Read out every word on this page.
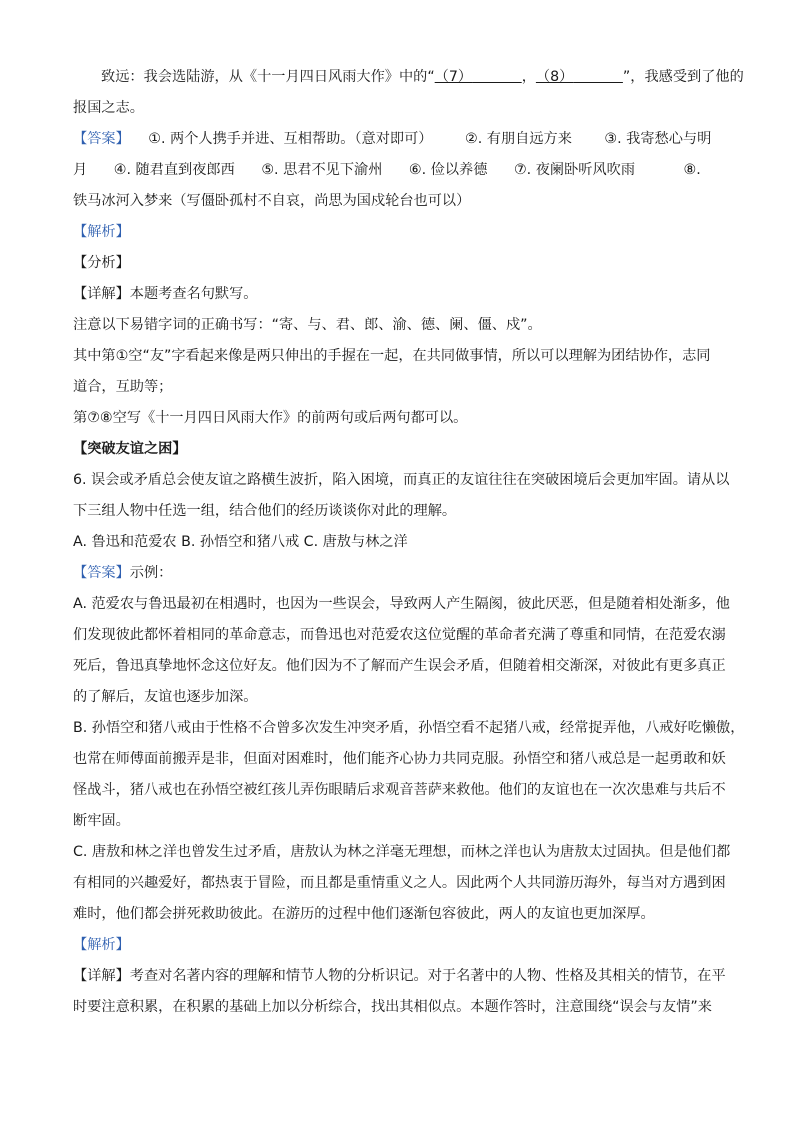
致远：我会选陆游，从《十一月四日风雨大作》中的“（7）	，（8）	”，我感受到了他的
报国之志。
【答案】 ①. 两个人携手并进、互相帮助。（意对即可） ②. 有朋自远方来 ③. 我寄愁心与明
月 ④. 随君直到夜郎西 ⑤. 思君不见下渝州 ⑥. 俭以养德 ⑦. 夜阑卧听风吹雨	⑧.
铁马冰河入梦来（写僵卧孤村不自哀，尚思为国戍轮台也可以）
【解析】
【分析】
【详解】本题考查名句默写。
注意以下易错字词的正确书写：“寄、与、君、郎、渝、德、阑、僵、戍”。
其中第①空“友”字看起来像是两只伸出的手握在一起，在共同做事情，所以可以理解为团结协作，志同
道合，互助等；
第⑦⑧空写《十一月四日风雨大作》的前两句或后两句都可以。
【突破友谊之困】
6. 误会或矛盾总会使友谊之路横生波折，陷入困境，而真正的友谊往往在突破困境后会更加牢固。请从以
下三组人物中任选一组，结合他们的经历谈谈你对此的理解。
A. 鲁迅和范爱农 B. 孙悟空和猪八戒 C. 唐敖与林之洋
【答案】示例：
A. 范爱农与鲁迅最初在相遇时，也因为一些误会，导致两人产生隔阂，彼此厌恶，但是随着相处渐多，他
们发现彼此都怀着相同的革命意志，而鲁迅也对范爱农这位觉醒的革命者充满了尊重和同情，在范爱农溺
死后，鲁迅真挚地怀念这位好友。他们因为不了解而产生误会矛盾，但随着相交渐深，对彼此有更多真正
的了解后，友谊也逐步加深。
B. 孙悟空和猪八戒由于性格不合曾多次发生冲突矛盾，孙悟空看不起猪八戒，经常捉弄他，八戒好吃懒傲，
也常在师傅面前搬弄是非，但面对困难时，他们能齐心协力共同克服。孙悟空和猪八戒总是一起勇敢和妖
怪战斗，猪八戒也在孙悟空被红孩儿弄伤眼睛后求观音菩萨来救他。他们的友谊也在一次次患难与共后不
断牢固。
C. 唐敖和林之洋也曾发生过矛盾，唐敖认为林之洋毫无理想，而林之洋也认为唐敖太过固执。但是他们都
有相同的兴趣爱好，都热衷于冒险，而且都是重情重义之人。因此两个人共同游历海外，每当对方遇到困
难时，他们都会拼死救助彼此。在游历的过程中他们逐渐包容彼此，两人的友谊也更加深厚。
【解析】
【详解】考查对名著内容的理解和情节人物的分析识记。对于名著中的人物、性格及其相关的情节，在平
时要注意积累，在积累的基础上加以分析综合，找出其相似点。本题作答时，注意围绕“误会与友情”来
